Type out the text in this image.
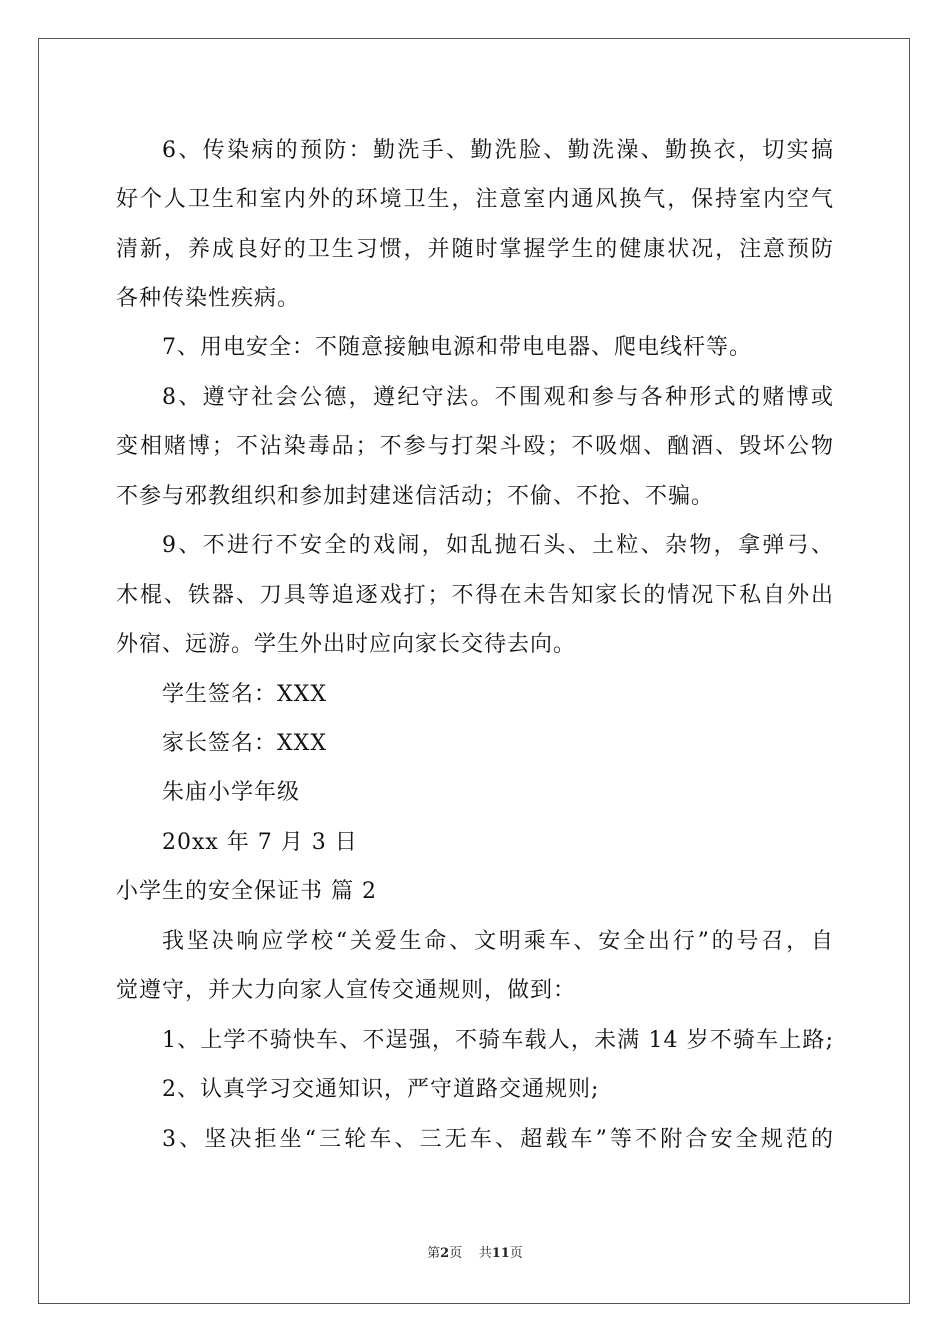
6、传染病的预防：勤洗手、勤洗脸、勤洗澡、勤换衣，切实搞
好个人卫生和室内外的环境卫生，注意室内通风换气，保持室内空气
清新，养成良好的卫生习惯，并随时掌握学生的健康状况，注意预防
各种传染性疾病。
7、用电安全：不随意接触电源和带电电器、爬电线杆等。
8、遵守社会公德，遵纪守法。不围观和参与各种形式的赌博或
变相赌博；不沾染毒品；不参与打架斗殴；不吸烟、酗酒、毁坏公物
不参与邪教组织和参加封建迷信活动；不偷、不抢、不骗。
9、不进行不安全的戏闹，如乱抛石头、土粒、杂物，拿弹弓、
木棍、铁器、刀具等追逐戏打；不得在未告知家长的情况下私自外出
外宿、远游。学生外出时应向家长交待去向。
学生签名：XXX
家长签名：XXX
朱庙小学年级
20xx 年 7 月 3 日
小学生的安全保证书 篇 2
我坚决响应学校“关爱生命、文明乘车、安全出行”的号召，自
觉遵守，并大力向家人宣传交通规则，做到：
1、上学不骑快车、不逞强，不骑车载人，未满 14 岁不骑车上路;
2、认真学习交通知识，严守道路交通规则;
3、坚决拒坐“三轮车、三无车、超载车”等不附合安全规范的
第2页 共11页
